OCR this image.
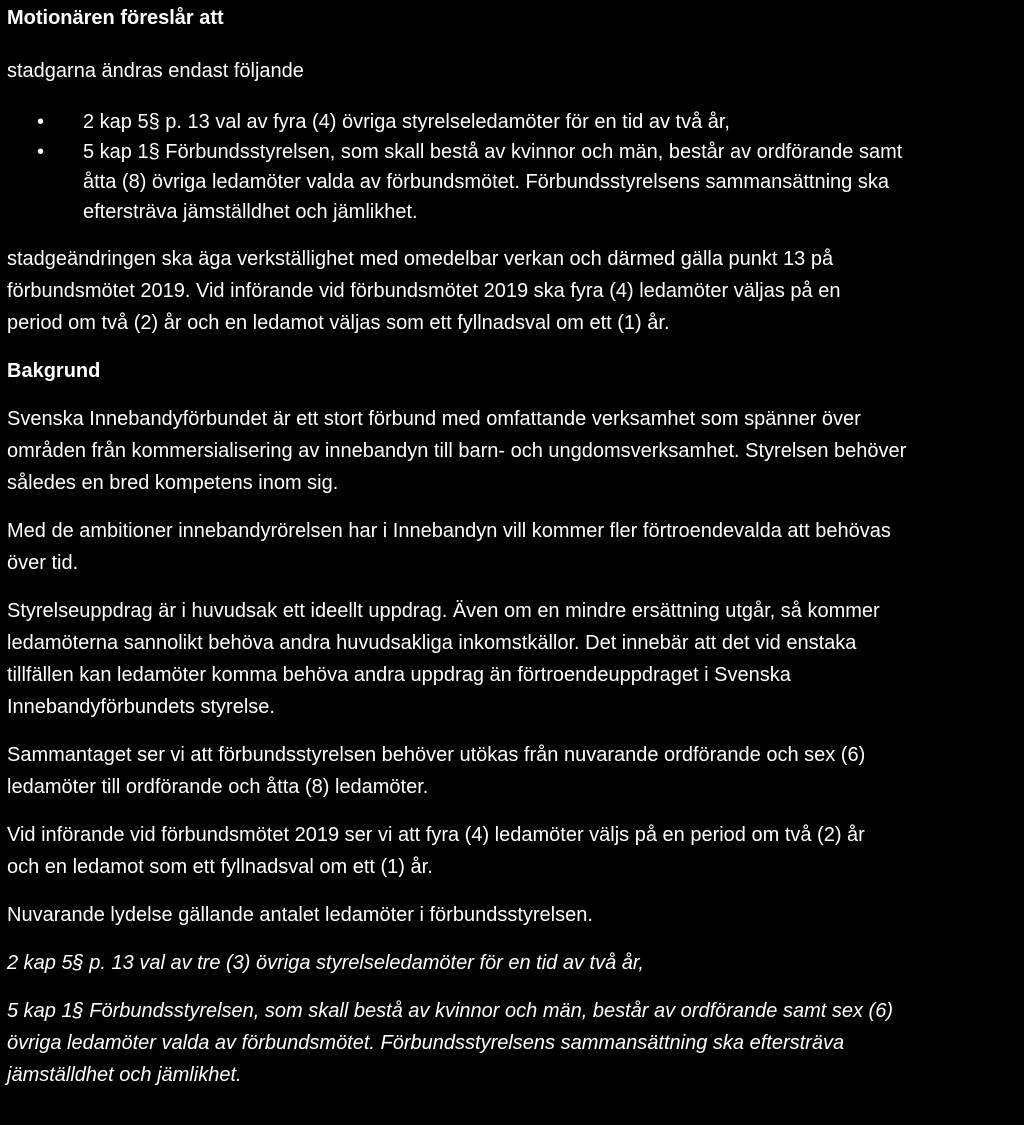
Motionären föreslår att

stadgarna ändras endast följande

• 2 kap 5§ p. 13 val av fyra (4) övriga styrelseledamöter för en tid av två år,
• 5 kap 1§ Förbundsstyrelsen, som skall bestå av kvinnor och män, består av ordförande samt
åtta (8) övriga ledamöter valda av förbundsmötet. Förbundsstyrelsens sammansättning ska
eftersträva jämställdhet och jämlikhet.
stadgeändringen ska äga verkställighet med omedelbar verkan och därmed gälla punkt 13 på
förbundsmötet 2019. Vid införande vid förbundsmötet 2019 ska fyra (4) ledamöter väljas på en
period om två (2) år och en ledamot väljas som ett fyllnadsval om ett (1) år.

Bakgrund

Svenska Innebandyförbundet är ett stort förbund med omfattande verksamhet som spänner över
områden från kommersialisering av innebandyn till barn- och ungdomsverksamhet. Styrelsen behöver
således en bred kompetens inom sig.
Med de ambitioner innebandyrörelsen har i Innebandyn vill kommer fler förtroendevalda att behövas
över tid.
Styrelseuppdrag är i huvudsak ett ideellt uppdrag. Även om en mindre ersättning utgår, så kommer
ledamöterna sannolikt behöva andra huvudsakliga inkomstkällor. Det innebär att det vid enstaka
tillfällen kan ledamöter komma behöva andra uppdrag än förtroendeuppdraget i Svenska
Innebandyförbundets styrelse.
Sammantaget ser vi att förbundsstyrelsen behöver utökas från nuvarande ordförande och sex (6)
ledamöter till ordförande och åtta (8) ledamöter.
Vid införande vid förbundsmötet 2019 ser vi att fyra (4) ledamöter väljs på en period om två (2) år
och en ledamot som ett fyllnadsval om ett (1) år.

Nuvarande lydelse gällande antalet ledamöter i förbundsstyrelsen.

2 kap 5§ p. 13 val av tre (3) övriga styrelseledamöter för en tid av två år,
5 kap 1§ Förbundsstyrelsen, som skall bestå av kvinnor och män, består av ordförande samt sex (6)
övriga ledamöter valda av förbundsmötet. Förbundsstyrelsens sammansättning ska eftersträva
jämställdhet och jämlikhet.
